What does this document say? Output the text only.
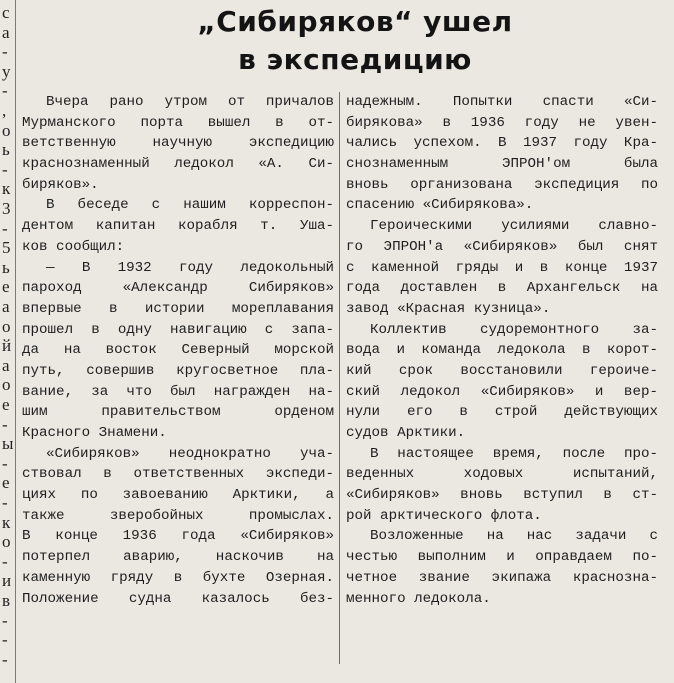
с
а
-
у
-
,
о
ь
-
к
3
-
5
ь
е
а
о
й
а
о
е
-
ы
-
е
-
к
о
-
и
в
-
-
-
„Сибиряков“ ушел
в экспедицию
Вчера рано утром от причалов
Мурманского порта вышел в от-
ветственную научную экспедицию
краснознаменный ледокол «А. Си-
биряков».
В беседе с нашим корреспон-
дентом капитан корабля т. Ушa-
ков сообщил:
— В 1932 году ледокольный
пароход «Александр Сибиряков»
впервые в истории мореплавания
прошел в одну навигацию с запа-
да на восток Северный морской
путь, совершив кругосветное пла-
вание, за что был награжден на-
шим правительством орденом
Красного Знамени.
«Сибиряков» неоднократно уча-
ствовал в ответственных экспеди-
циях по завоеванию Арктики, а
также зверобойных промыслах.
В конце 1936 года «Сибиряков»
потерпел аварию, наскочив на
каменную гряду в бухте Озерная.
Положение судна казалось без-
надежным. Попытки спасти «Си-
бирякова» в 1936 году не увен-
чались успехом. В 1937 году Кра-
снознаменным ЭПРОН'ом была
вновь организована экспедиция по
спасению «Сибирякова».
Героическими усилиями славно-
го ЭПРОН'а «Сибиряков» был снят
с каменной гряды и в конце 1937
года доставлен в Архангельск на
завод «Красная кузница».
Коллектив судоремонтного за-
вода и команда ледокола в корот-
кий срок восстановили героиче-
ский ледокол «Сибиряков» и вер-
нули его в строй действующих
судов Арктики.
В настоящее время, после про-
веденных ходовых испытаний,
«Сибиряков» вновь вступил в ст-
рой арктического флота.
Возложенные на нас задачи с
честью выполним и оправдаем по-
четное звание экипажа краснозна-
менного ледокола.
